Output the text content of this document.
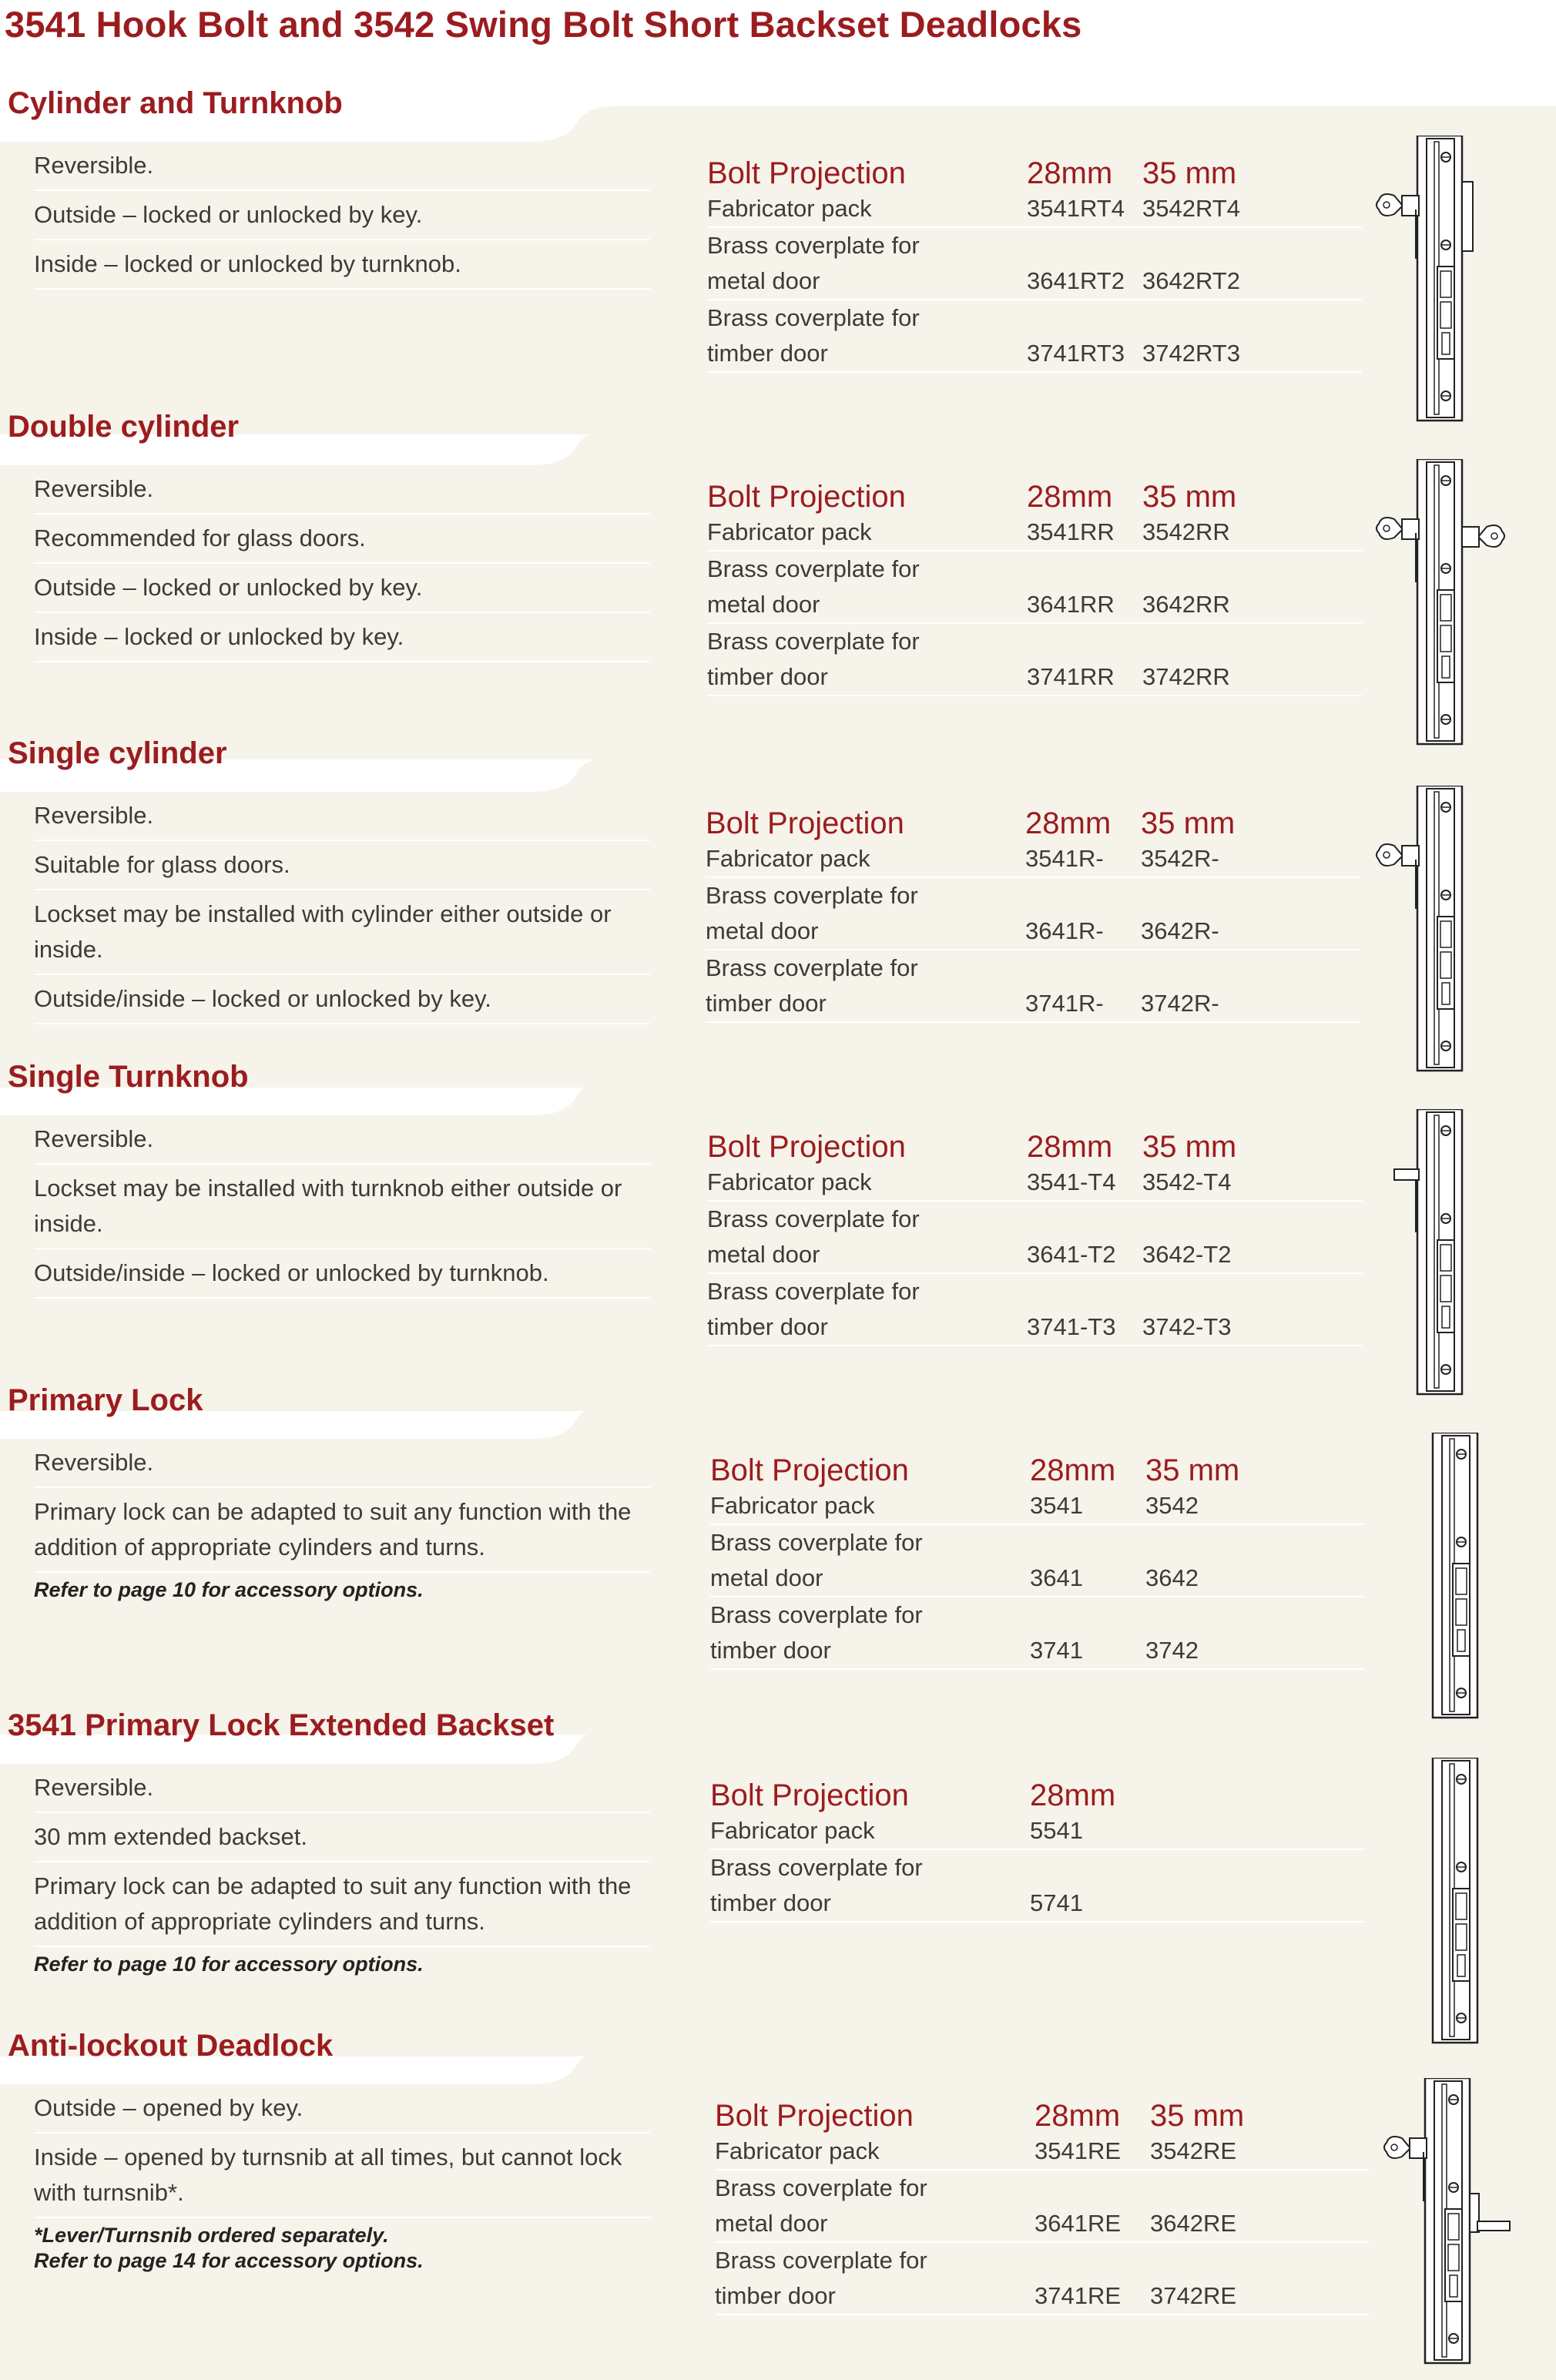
3541 Hook Bolt and 3542 Swing Bolt Short Backset Deadlocks
Cylinder and Turnknob
Reversible.
Outside – locked or unlocked by key.
Inside – locked or unlocked by turnknob.
Bolt Projection	28mm 35 mm
Fabricator pack	3541RT4 3542RT4
Brass coverplate for
metal door	3641RT2 3642RT2
Brass coverplate for
timber door	3741RT3 3742RT3
Double cylinder
Reversible.
Recommended for glass doors.
Outside – locked or unlocked by key.
Inside – locked or unlocked by key.
Bolt Projection	28mm 35 mm
Fabricator pack	3541RR 3542RR
Brass coverplate for
metal door	3641RR 3642RR
Brass coverplate for
timber door	3741RR 3742RR
Single cylinder
Reversible.
Suitable for glass doors.
Lockset may be installed with cylinder either outside or inside.
Outside/inside – locked or unlocked by key.
Bolt Projection	28mm 35 mm
Fabricator pack	3541R- 3542R-
Brass coverplate for
metal door	3641R- 3642R-
Brass coverplate for
timber door	3741R- 3742R-
Single Turnknob
Reversible.
Lockset may be installed with turnknob either outside or inside.
Outside/inside – locked or unlocked by turnknob.
Bolt Projection	28mm 35 mm
Fabricator pack	3541-T4 3542-T4
Brass coverplate for
metal door	3641-T2 3642-T2
Brass coverplate for
timber door	3741-T3 3742-T3
Primary Lock
Reversible.
Primary lock can be adapted to suit any function with the addition of appropriate cylinders and turns.
Refer to page 10 for accessory options.
Bolt Projection	28mm 35 mm
Fabricator pack	3541	3542
Brass coverplate for
metal door	3641	3642
Brass coverplate for
timber door	3741	3742
3541 Primary Lock Extended Backset
Reversible.
30 mm extended backset.
Primary lock can be adapted to suit any function with the addition of appropriate cylinders and turns.
Refer to page 10 for accessory options.
Bolt Projection	28mm
Fabricator pack	5541
Brass coverplate for
timber door	5741
Anti-lockout Deadlock
Outside – opened by key.
Inside – opened by turnsnib at all times, but cannot lock with turnsnib*.
*Lever/Turnsnib ordered separately.
Refer to page 14 for accessory options.
Bolt Projection	28mm 35 mm
Fabricator pack	3541RE 3542RE
Brass coverplate for
metal door	3641RE 3642RE
Brass coverplate for
timber door	3741RE 3742RE
